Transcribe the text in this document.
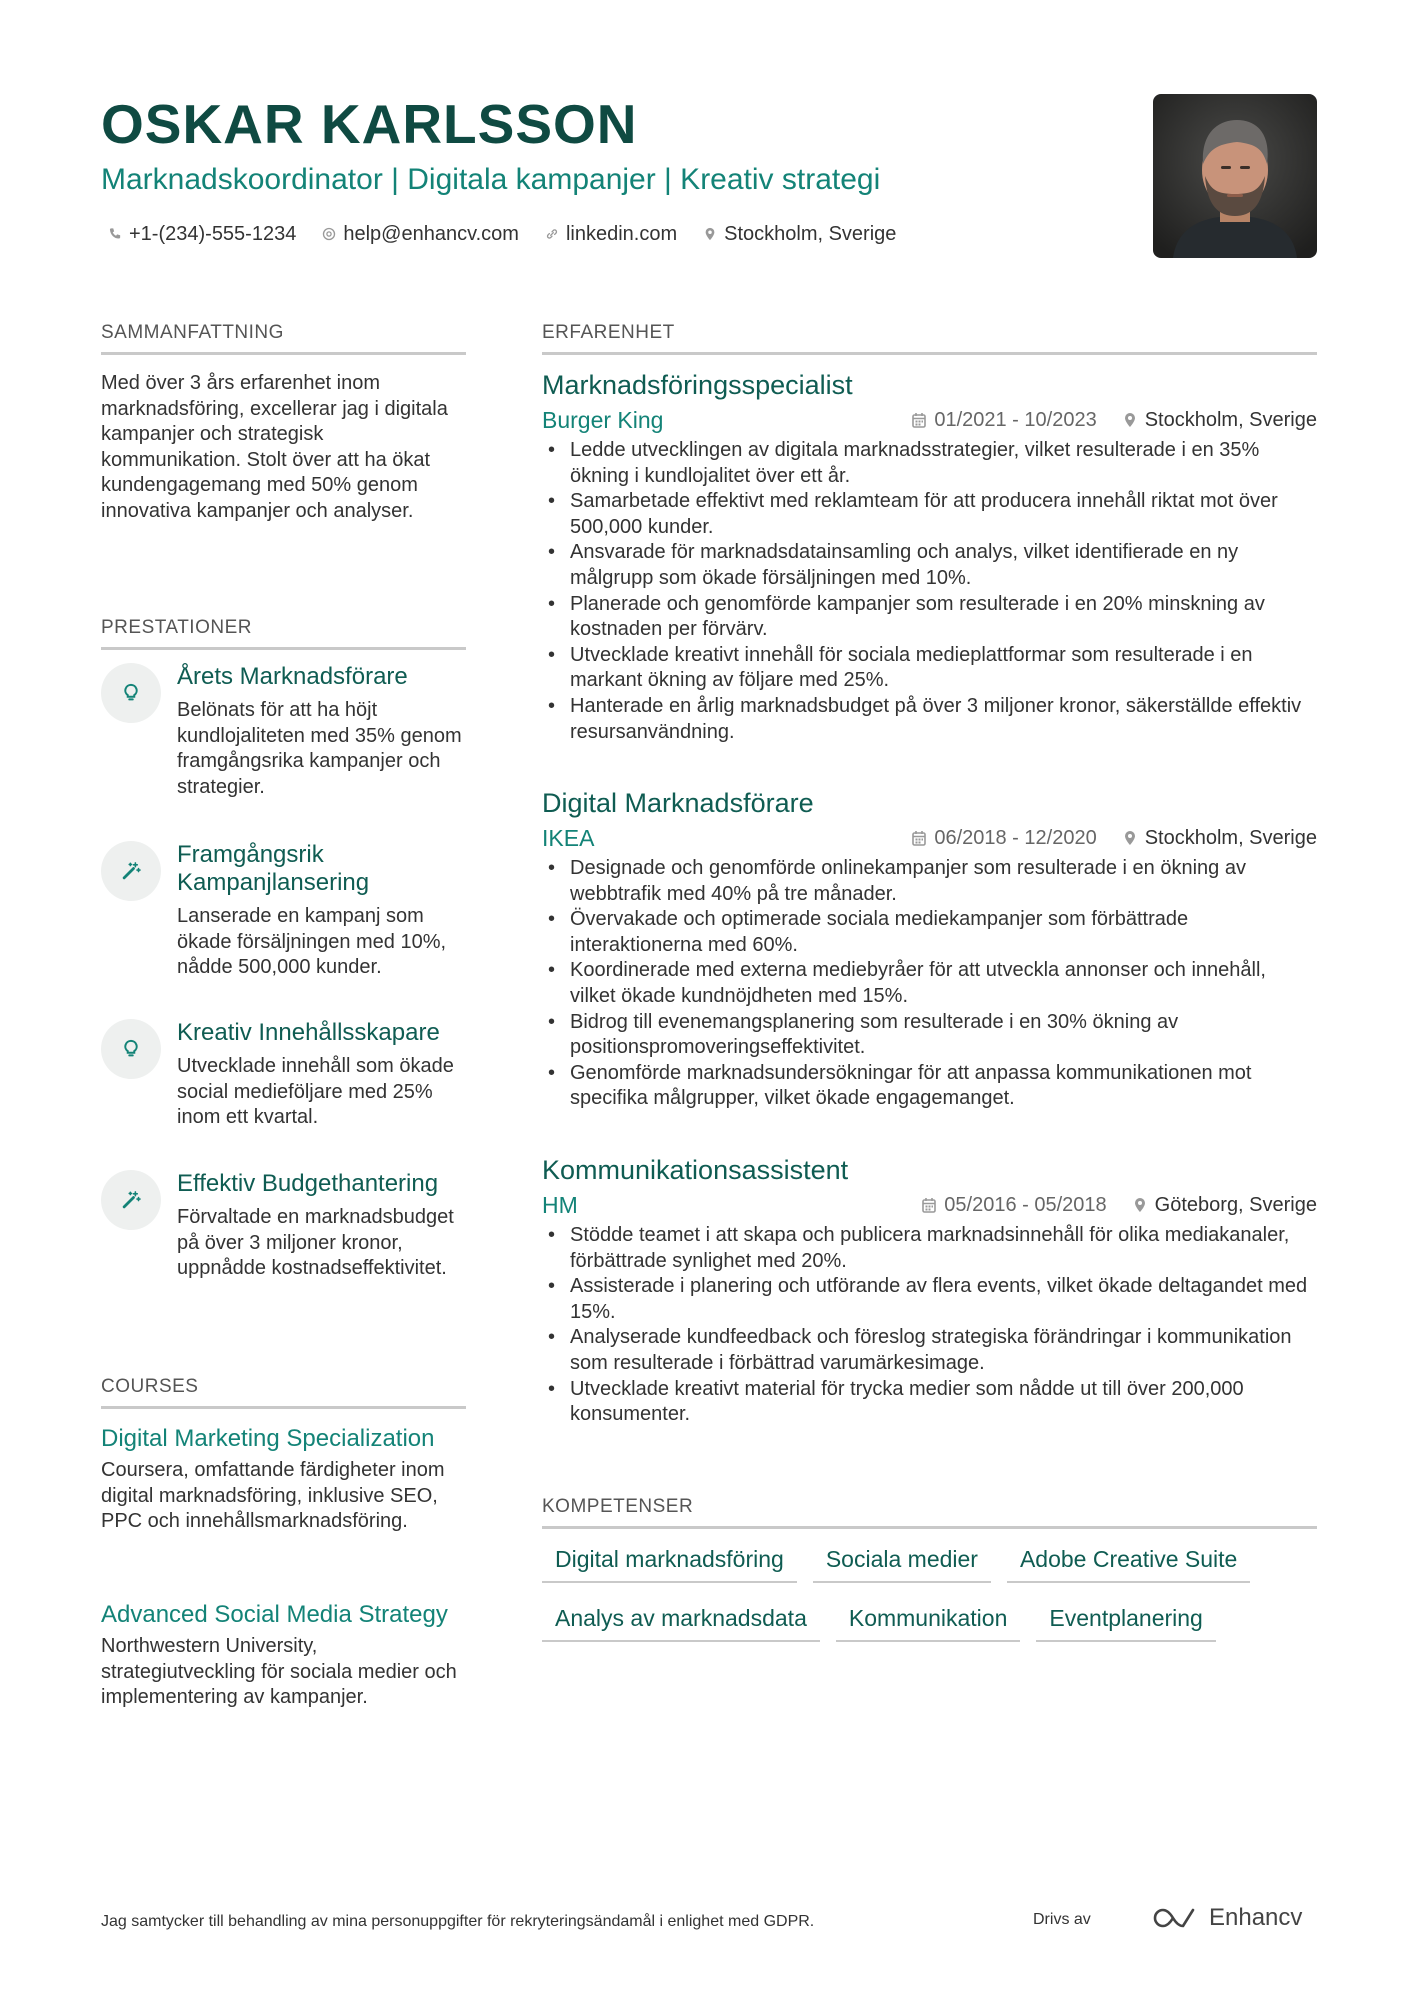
OSKAR KARLSSON
Marknadskoordinator | Digitala kampanjer | Kreativ strategi
+1-(234)-555-1234 help@enhancv.com linkedin.com Stockholm, Sverige
SAMMANFATTNING
Med över 3 års erfarenhet inom marknadsföring, excellerar jag i digitala kampanjer och strategisk kommunikation. Stolt över att ha ökat kundengagemang med 50% genom innovativa kampanjer och analyser.
PRESTATIONER
Årets Marknadsförare
Belönats för att ha höjt kundlojaliteten med 35% genom framgångsrika kampanjer och strategier.
Framgångsrik Kampanjlansering
Lanserade en kampanj som ökade försäljningen med 10%, nådde 500,000 kunder.
Kreativ Innehållsskapare
Utvecklade innehåll som ökade social medieföljare med 25% inom ett kvartal.
Effektiv Budgethantering
Förvaltade en marknadsbudget på över 3 miljoner kronor, uppnådde kostnadseffektivitet.
COURSES
Digital Marketing Specialization
Coursera, omfattande färdigheter inom digital marknadsföring, inklusive SEO, PPC och innehållsmarknadsföring.
Advanced Social Media Strategy
Northwestern University, strategiutveckling för sociala medier och implementering av kampanjer.
ERFARENHET
Marknadsföringsspecialist
Burger King	01/2021 - 10/2023 Stockholm, Sverige
• Ledde utvecklingen av digitala marknadsstrategier, vilket resulterade i en 35% ökning i kundlojalitet över ett år.
• Samarbetade effektivt med reklamteam för att producera innehåll riktat mot över 500,000 kunder.
• Ansvarade för marknadsdatainsamling och analys, vilket identifierade en ny målgrupp som ökade försäljningen med 10%.
• Planerade och genomförde kampanjer som resulterade i en 20% minskning av kostnaden per förvärv.
• Utvecklade kreativt innehåll för sociala medieplattformar som resulterade i en markant ökning av följare med 25%.
• Hanterade en årlig marknadsbudget på över 3 miljoner kronor, säkerställde effektiv resursanvändning.
Digital Marknadsförare
IKEA	06/2018 - 12/2020 Stockholm, Sverige
• Designade och genomförde onlinekampanjer som resulterade i en ökning av webbtrafik med 40% på tre månader.
• Övervakade och optimerade sociala mediekampanjer som förbättrade interaktionerna med 60%.
• Koordinerade med externa mediebyråer för att utveckla annonser och innehåll, vilket ökade kundnöjdheten med 15%.
• Bidrog till evenemangsplanering som resulterade i en 30% ökning av positionspromoveringseffektivitet.
• Genomförde marknadsundersökningar för att anpassa kommunikationen mot specifika målgrupper, vilket ökade engagemanget.
Kommunikationsassistent
HM	05/2016 - 05/2018 Göteborg, Sverige
• Stödde teamet i att skapa och publicera marknadsinnehåll för olika mediakanaler, förbättrade synlighet med 20%.
• Assisterade i planering och utförande av flera events, vilket ökade deltagandet med 15%.
• Analyserade kundfeedback och föreslog strategiska förändringar i kommunikation som resulterade i förbättrad varumärkesimage.
• Utvecklade kreativt material för trycka medier som nådde ut till över 200,000 konsumenter.
KOMPETENSER
Digital marknadsföring	Sociala medier	Adobe Creative Suite
Analys av marknadsdata	Kommunikation	Eventplanering
Jag samtycker till behandling av mina personuppgifter för rekryteringsändamål i enlighet med GDPR.	Drivs av	Enhancv
